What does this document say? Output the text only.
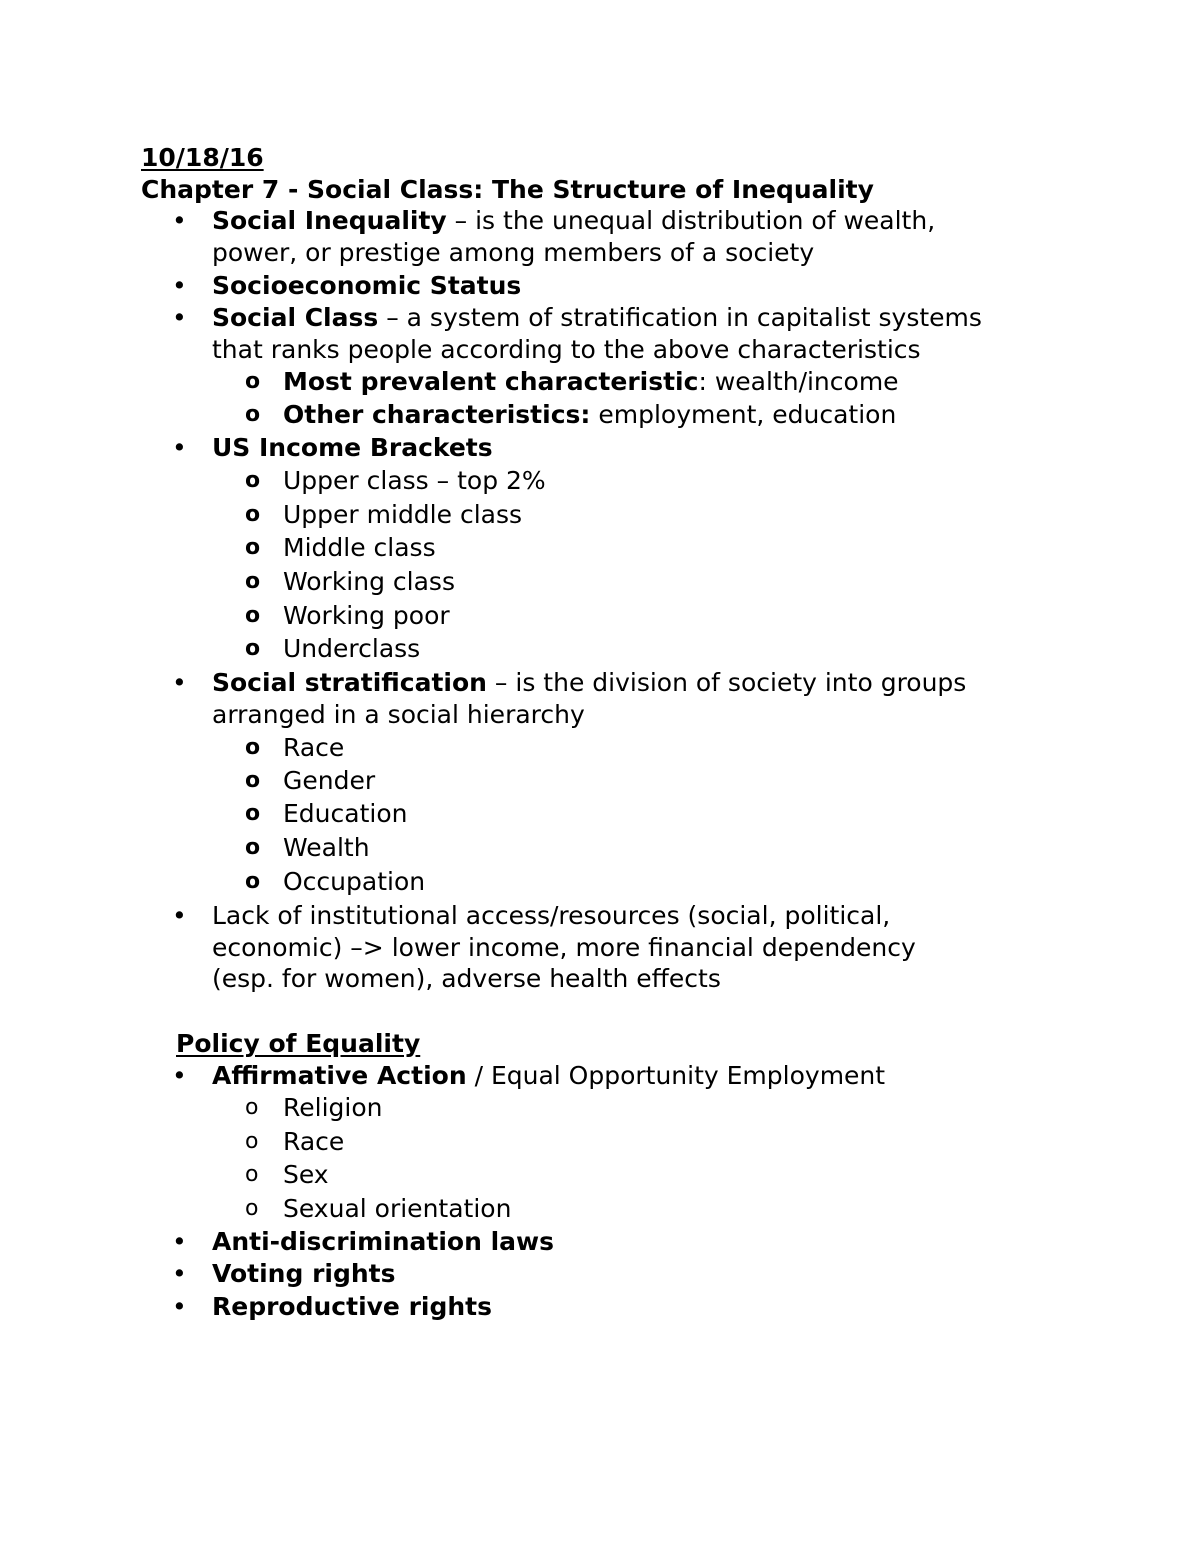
10/18/16
Chapter 7 - Social Class: The Structure of Inequality
• Social Inequality – is the unequal distribution of wealth,
power, or prestige among members of a society
• Socioeconomic Status
• Social Class – a system of stratification in capitalist systems
that ranks people according to the above characteristics
o Most prevalent characteristic: wealth/income
o Other characteristics: employment, education
• US Income Brackets
o Upper class – top 2%
o Upper middle class
o Middle class
o Working class
o Working poor
o Underclass
• Social stratification – is the division of society into groups
arranged in a social hierarchy
o Race
o Gender
o Education
o Wealth
o Occupation
• Lack of institutional access/resources (social, political,
economic) –> lower income, more financial dependency
(esp. for women), adverse health effects
Policy of Equality
• Affirmative Action / Equal Opportunity Employment
o Religion
o Race
o Sex
o Sexual orientation
• Anti-discrimination laws
• Voting rights
• Reproductive rights
